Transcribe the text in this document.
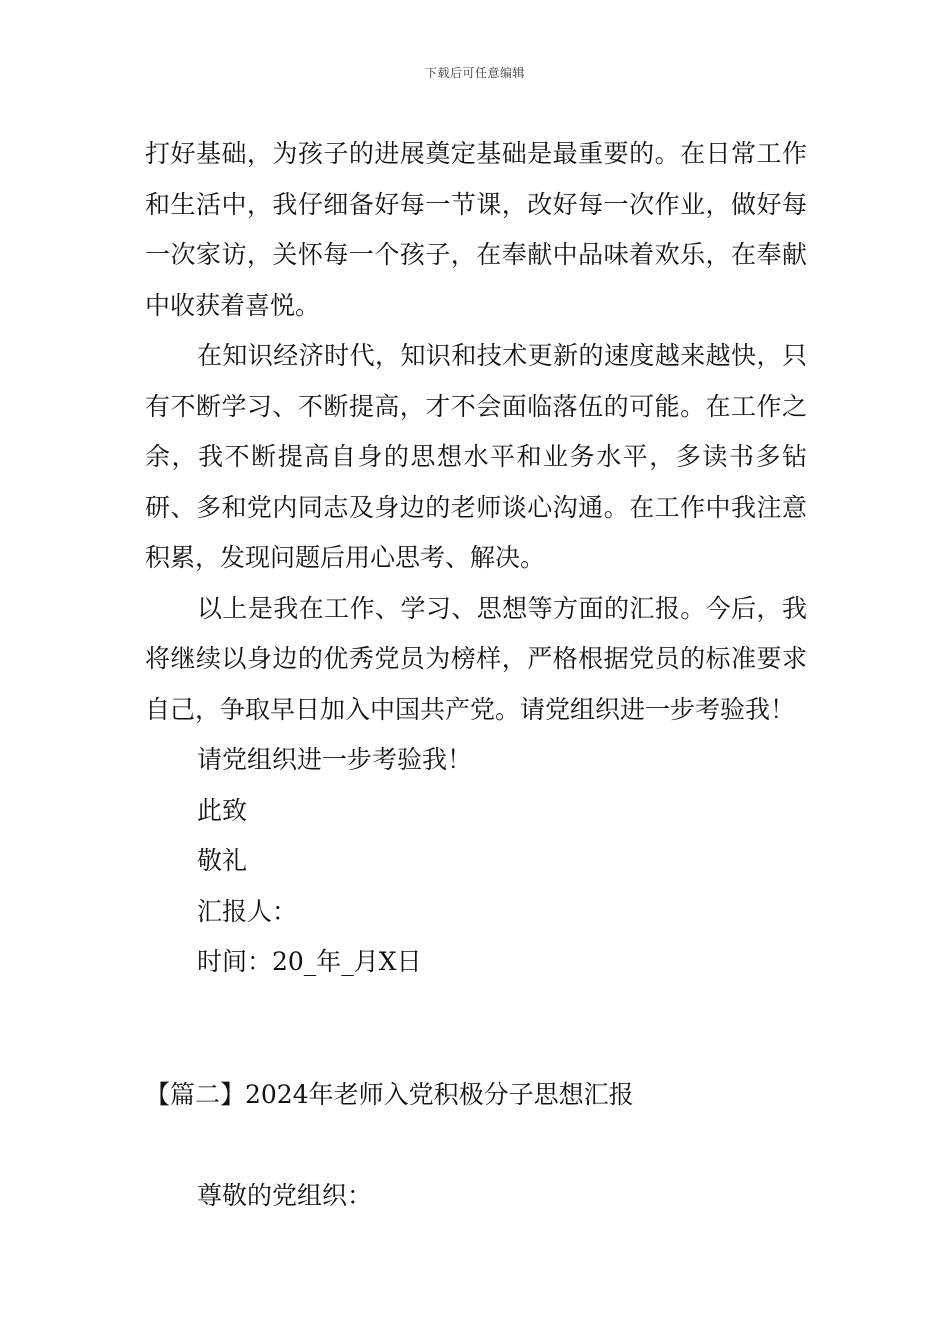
下载后可任意编辑

打好基础，为孩子的进展奠定基础是最重要的。在日常工作和生活中，我仔细备好每一节课，改好每一次作业，做好每一次家访，关怀每一个孩子，在奉献中品味着欢乐，在奉献中收获着喜悦。

在知识经济时代，知识和技术更新的速度越来越快，只有不断学习、不断提高，才不会面临落伍的可能。在工作之余，我不断提高自身的思想水平和业务水平，多读书多钻研、多和党内同志及身边的老师谈心沟通。在工作中我注意积累，发现问题后用心思考、解决。

以上是我在工作、学习、思想等方面的汇报。今后，我将继续以身边的优秀党员为榜样，严格根据党员的标准要求自己，争取早日加入中国共产党。请党组织进一步考验我！

请党组织进一步考验我！

此致

敬礼

汇报人：

时间：20_年_月X日

【篇二】2024年老师入党积极分子思想汇报

尊敬的党组织：
